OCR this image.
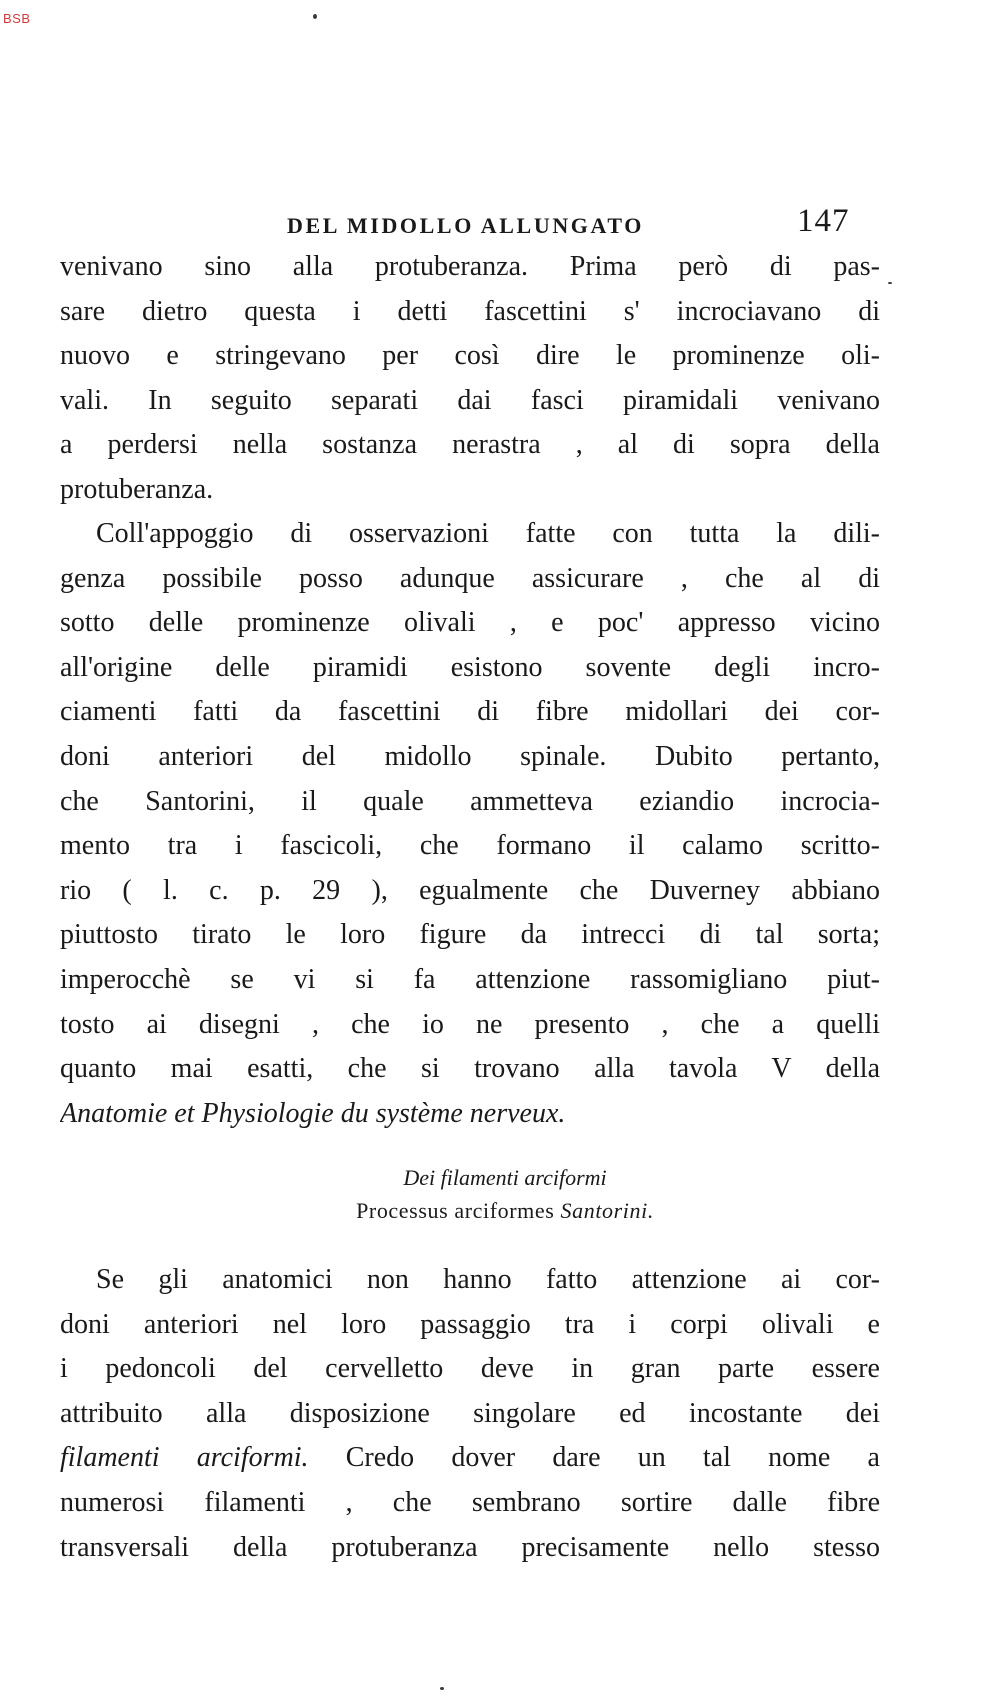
BSB
DEL MIDOLLO ALLUNGATO	147
venivano sino alla protuberanza. Prima però di pas-
sare dietro questa i detti fascettini s' incrociavano di
nuovo e stringevano per così dire le prominenze oli-
vali. In seguito separati dai fasci piramidali venivano
a perdersi nella sostanza nerastra , al di sopra della
protuberanza.
Coll'appoggio di osservazioni fatte con tutta la dili-
genza possibile posso adunque assicurare , che al di
sotto delle prominenze olivali , e poc' appresso vicino
all'origine delle piramidi esistono sovente degli incro-
ciamenti fatti da fascettini di fibre midollari dei cor-
doni anteriori del midollo spinale. Dubito pertanto,
che Santorini, il quale ammetteva eziandio incrocia-
mento tra i fascicoli, che formano il calamo scritto-
rio ( l. c. p. 29 ), egualmente che Duverney abbiano
piuttosto tirato le loro figure da intrecci di tal sorta;
imperocchè se vi si fa attenzione rassomigliano piut-
tosto ai disegni , che io ne presento , che a quelli
quanto mai esatti, che si trovano alla tavola V della
Anatomie et Physiologie du système nerveux.
Dei filamenti arciformi
Processus arciformes Santorini.
Se gli anatomici non hanno fatto attenzione ai cor-
doni anteriori nel loro passaggio tra i corpi olivali e
i pedoncoli del cervelletto deve in gran parte essere
attribuito alla disposizione singolare ed incostante dei
filamenti arciformi. Credo dover dare un tal nome a
numerosi filamenti , che sembrano sortire dalle fibre
transversali della protuberanza precisamente nello stesso
